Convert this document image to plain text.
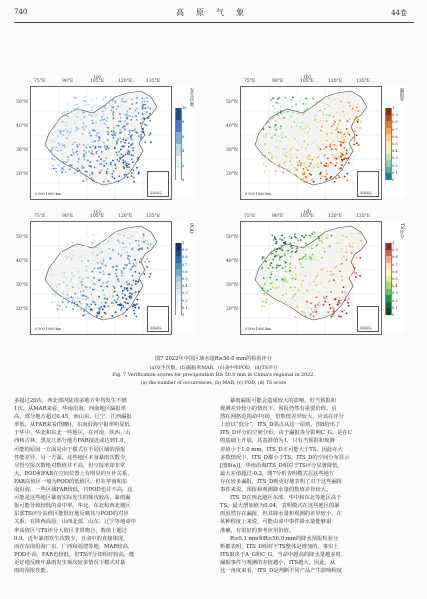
740	高原气象	44卷
南海诸岛
0 500 1000 km
(a)
75°E	90°E	105°E	120°E	135°E
50°N
40°N
30°N
20°N
发生次数
10
8
6
4
2
0
南海诸岛
0 500 1000 km
(b)
75°E	90°E	105°E	120°E	135°E
50°N
40°N
30°N
20°N
漏报率
1
0.9
0.8
0.7
0.6
0.5
0.4
0.3
0.2
0.1
0
南海诸岛
0 500 1000 km
(c)
75°E	90°E	105°E	120°E	135°E
50°N
40°N
30°N
20°N
POD
1
0.9
0.8
0.7
0.6
0.5
0.4
0.3
0.2
0.1
0
南海诸岛
0 500 1000 km
(d)
75°E	90°E	105°E	120°E	135°E
50°N
40°N
30°N
20°N
TS评分
1
0.9
0.8
0.7
0.6
0.5
0.4
0.3
0.2
0.1
0
图7 2022年中国区域水量R≥50.0 mm的检验评分
(a)发生次数，(b)漏报率MAR，(c)命中率POD，(d)TS评分
Fig. 7 Verification scores for precipitation R≥ 50.0 mm in China's regional in 2022.
(a) the number of occurrences, (b) MAR, (c) POD, (d) TS score
多超过20次，西北部内陆很多地方年均发生不到
1次。从MAR来看，华南沿海、西南地区漏报率
高，部分地方超过0.45，而山东、辽宁、江西漏报
率低。从FAR来看(图略)，东南沿海空报率明显低
于华中、华北和东北一些地区，在河南、陕西、山
西和吉林、黑龙江部分地方FAR接近或达到1.0，
可能的原因一方面是由于模式在不同区域的预报
性能差异，另一方面，这些地区本身暴雨次数少，
尽管空报次数绝对数值并不高，但空报率却非常
大。POD和FAR在空间位置上有明显的互补关系，
FAR高值区一般为POD的低值区，但在华南和东
南沿海，一些区域FAR较低，且POD也并不高，这
可能是这些地区暴雨实际发生的频次较高，暴雨漏
报可能导致较低的命中率。华北、东北和西北地区
东部TS评分高值区能很好地反映其与POD的对应
关系，在陕西高原、山西北部、山东、辽宁等地命中
率高值区与TS评分大值区非常吻合，数值上超过
0.9。近年暴雨发生次数少，且命中的直接体现，
而在东南沿海广东、广西和福建等地，MAR较高，
POD不高，FAR也较低，但TS评分却相对较高，能
更好地反映年暴雨发生频次较多情况下模式对暴
雨的预报性能。
暴雨漏报可能会造成较大的影响，但当预报和
观测差异较小的情况下，预报仍然有重要价值。虽
然在网格范围命中(0)，但数值差异较大，应该在评分
上给以“低分”，ITS_D邻点从这一原则。图8给出了
ITS_D评分的空间分布，由于漏报等分影响C_G。是在C
的基础上开展，其基准值为1，只有当预报和观测
差值小于1.0 mm，ITS_D才可能大于TS。因此在大
多数情况下，ITS_D都小于TS。ITS_D的空间分布显示
[图8(a)]，华南沿海ITS_D相对于TS评分显著降低，
最大差值超过-0.2，图7分析表明模式在这些地方
存在较多漏报，ITS_D则更好地表明了对于这些漏报
事件来说，预报和观测降水量的数值差异较大。
ITS_D在西北地区东部、华中和东北等地区高于
TS，最大增加值为0.04，表明模式在这些地区的暴
雨虽然存在漏报，但其降水量和观测的差异较小，在
某种程度上来说，可能由命中事件降水量能够很
准确，有很好的参考应用价值。
R≥0.1 mm和R≥50.0 mm的降水预报检验分
析都表明，ITS_D相对于TS整体是增加的，事实上
ITS取决于A_G和C_G，当命中越高的降水量越多时，
漏报事件与观测的差值越小，ITS越大。因此，从
这一角度来看，ITS_D是判断不同产品产生影响程度
